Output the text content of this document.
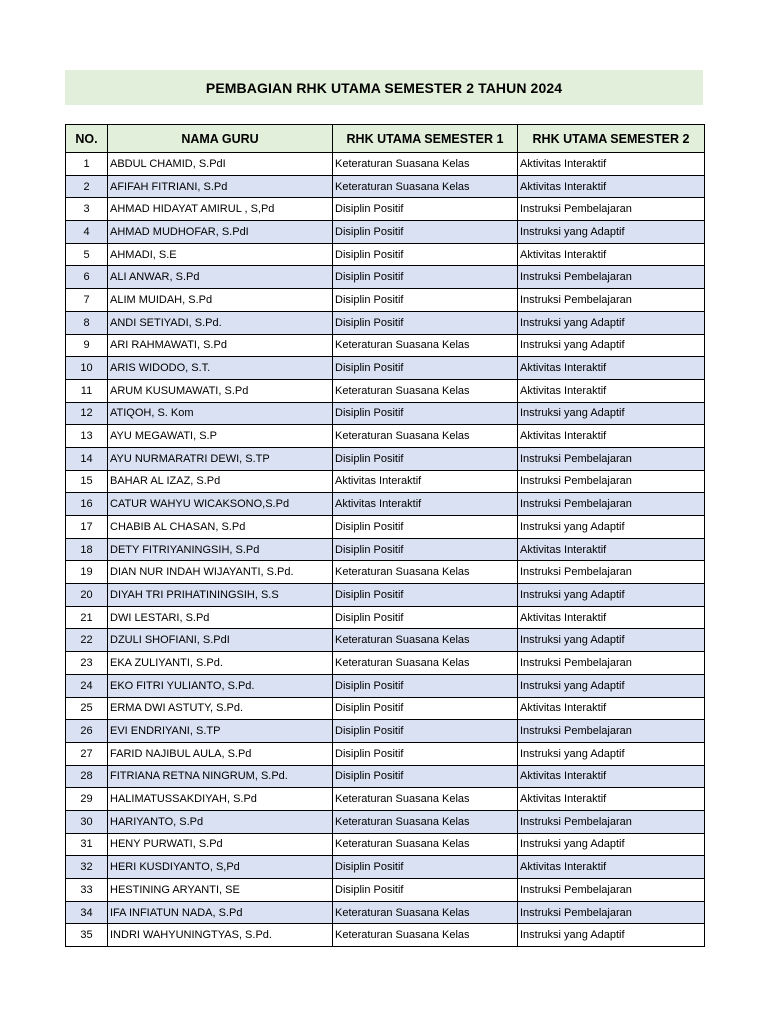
PEMBAGIAN RHK UTAMA SEMESTER 2 TAHUN 2024
NO.	NAMA GURU	RHK UTAMA SEMESTER 1	RHK UTAMA SEMESTER 2
1	ABDUL CHAMID, S.PdI	Keteraturan Suasana Kelas	Aktivitas Interaktif
2	AFIFAH FITRIANI, S.Pd	Keteraturan Suasana Kelas	Aktivitas Interaktif
3	AHMAD HIDAYAT AMIRUL , S,Pd	Disiplin Positif	Instruksi Pembelajaran
4	AHMAD MUDHOFAR, S.PdI	Disiplin Positif	Instruksi yang Adaptif
5	AHMADI, S.E	Disiplin Positif	Aktivitas Interaktif
6	ALI ANWAR, S.Pd	Disiplin Positif	Instruksi Pembelajaran
7	ALIM MUIDAH, S.Pd	Disiplin Positif	Instruksi Pembelajaran
8	ANDI SETIYADI, S.Pd.	Disiplin Positif	Instruksi yang Adaptif
9	ARI RAHMAWATI, S.Pd	Keteraturan Suasana Kelas	Instruksi yang Adaptif
10	ARIS WIDODO, S.T.	Disiplin Positif	Aktivitas Interaktif
11	ARUM KUSUMAWATI, S.Pd	Keteraturan Suasana Kelas	Aktivitas Interaktif
12	ATIQOH, S. Kom	Disiplin Positif	Instruksi yang Adaptif
13	AYU MEGAWATI, S.P	Keteraturan Suasana Kelas	Aktivitas Interaktif
14	AYU NURMARATRI DEWI, S.TP	Disiplin Positif	Instruksi Pembelajaran
15	BAHAR AL IZAZ, S.Pd	Aktivitas Interaktif	Instruksi Pembelajaran
16	CATUR WAHYU WICAKSONO,S.Pd	Aktivitas Interaktif	Instruksi Pembelajaran
17	CHABIB AL CHASAN, S.Pd	Disiplin Positif	Instruksi yang Adaptif
18	DETY FITRIYANINGSIH, S.Pd	Disiplin Positif	Aktivitas Interaktif
19	DIAN NUR INDAH WIJAYANTI, S.Pd.	Keteraturan Suasana Kelas	Instruksi Pembelajaran
20	DIYAH TRI PRIHATININGSIH, S.S	Disiplin Positif	Instruksi yang Adaptif
21	DWI LESTARI, S.Pd	Disiplin Positif	Aktivitas Interaktif
22	DZULI SHOFIANI, S.PdI	Keteraturan Suasana Kelas	Instruksi yang Adaptif
23	EKA ZULIYANTI, S.Pd.	Keteraturan Suasana Kelas	Instruksi Pembelajaran
24	EKO FITRI YULIANTO, S.Pd.	Disiplin Positif	Instruksi yang Adaptif
25	ERMA DWI ASTUTY, S.Pd.	Disiplin Positif	Aktivitas Interaktif
26	EVI ENDRIYANI, S.TP	Disiplin Positif	Instruksi Pembelajaran
27	FARID NAJIBUL AULA, S.Pd	Disiplin Positif	Instruksi yang Adaptif
28	FITRIANA RETNA NINGRUM, S.Pd.	Disiplin Positif	Aktivitas Interaktif
29	HALIMATUSSAKDIYAH, S.Pd	Keteraturan Suasana Kelas	Aktivitas Interaktif
30	HARIYANTO, S.Pd	Keteraturan Suasana Kelas	Instruksi Pembelajaran
31	HENY PURWATI, S.Pd	Keteraturan Suasana Kelas	Instruksi yang Adaptif
32	HERI KUSDIYANTO, S,Pd	Disiplin Positif	Aktivitas Interaktif
33	HESTINING ARYANTI, SE	Disiplin Positif	Instruksi Pembelajaran
34	IFA INFIATUN NADA, S.Pd	Keteraturan Suasana Kelas	Instruksi Pembelajaran
35	INDRI WAHYUNINGTYAS, S.Pd.	Keteraturan Suasana Kelas	Instruksi yang Adaptif
